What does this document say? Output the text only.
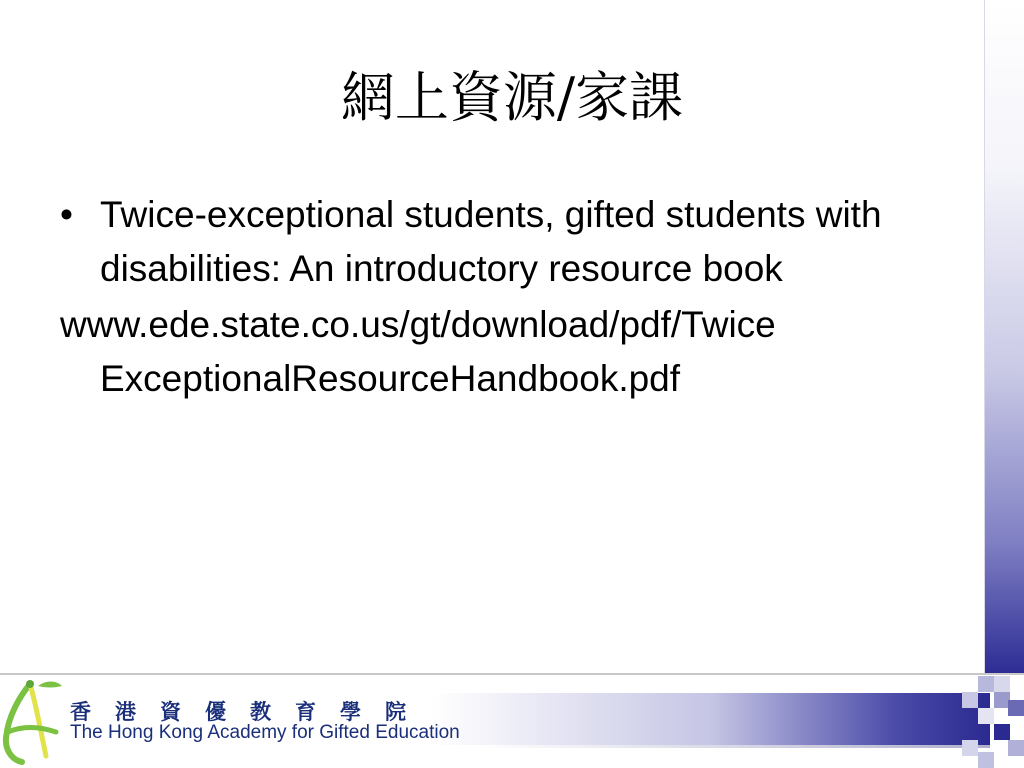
網上資源/家課
• Twice-exceptional students, gifted students with disabilities: An introductory resource book
www.ede.state.co.us/gt/download/pdf/Twice
ExceptionalResourceHandbook.pdf
香港資優教育學院
The Hong Kong Academy for Gifted Education
